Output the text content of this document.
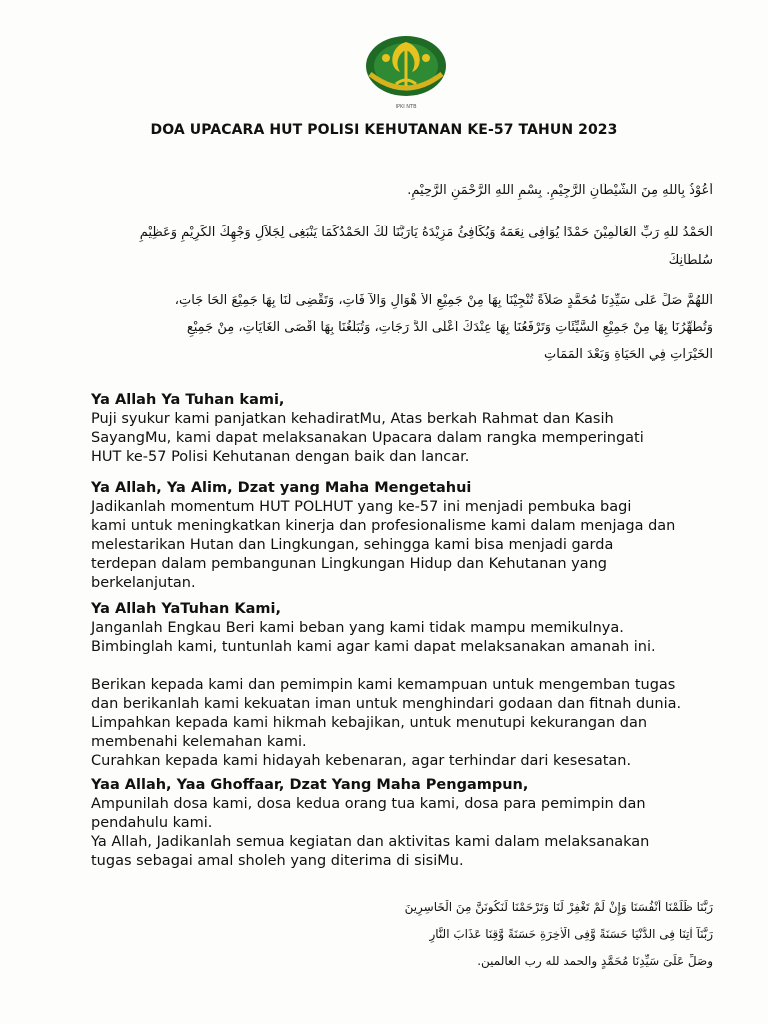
IPKI NTB
DOA UPACARA HUT POLISI KEHUTANAN KE-57 TAHUN 2023
أَعُوْذُ بِاللهِ مِنَ الشَّيْطَانِ الرَّجِيْمِ. بِسْمِ اللهِ الرَّحْمَنِ الرَّحِيْمِ.
اَلْحَمْدُ للهِ رَبِّ اْلعَالَمِيْنَ حَمْدًا يُوَافِى نِعَمَهُ وَيُكَافِئُ مَزِيْدَهُ يَارَبَّنَا لَكَ الْحَمْدُكَمَا يَنْبَغِى لِجَلاَلِ وَجْهِكَ الْكَرِيْمِ وَعَظِيْمِ
سُلْطَانِكَ
اَللَّهُمَّ صَلِّ عَلَى سَيِّدِنَا مُحَمَّدٍ صَلاَةً تُنْجِيْنَا بِهَا مِنْ جَمِيْعِ اْلأَ هْوَالِ وَاْلآ فَاتِ، وَتَقْضِى لَنَا بِهَا جَمِيْعَ الْحَا جَاتِ،
وَتُطَهِّرُنَا بِهَا مِنْ جَمِيْعِ السَّيِّئَاتِ وَتَرْفَعُنَا بِهَا عِنْدَكَ اَعْلَى الدَّ رَجَاتِ، وَتُبَلِّغُنَا بِهَا اَقْصَى الْغَايَاتِ، مِنْ جَمِيْعِ
الْخَيْرَاتِ فِي الْحَيَاةِ وَبَعْدَ الْمَمَاتِ
Ya Allah Ya Tuhan kami,

Puji syukur kami panjatkan kehadiratMu, Atas berkah Rahmat dan Kasih

SayangMu, kami dapat melaksanakan Upacara dalam rangka memperingati

HUT ke-57 Polisi Kehutanan dengan baik dan lancar.

Ya Allah, Ya Alim, Dzat yang Maha Mengetahui

Jadikanlah momentum HUT POLHUT yang ke-57 ini menjadi pembuka bagi

kami untuk meningkatkan kinerja dan profesionalisme kami dalam menjaga dan

melestarikan Hutan dan Lingkungan, sehingga kami bisa menjadi garda

terdepan dalam pembangunan Lingkungan Hidup dan Kehutanan yang

berkelanjutan.

Ya Allah YaTuhan Kami,

Janganlah Engkau Beri kami beban yang kami tidak mampu memikulnya.

Bimbinglah kami, tuntunlah kami agar kami dapat melaksanakan amanah ini.

Berikan kepada kami dan pemimpin kami kemampuan untuk mengemban tugas

dan berikanlah kami kekuatan iman untuk menghindari godaan dan fitnah dunia.

Limpahkan kepada kami hikmah kebajikan, untuk menutupi kekurangan dan

membenahi kelemahan kami.

Curahkan kepada kami hidayah kebenaran, agar terhindar dari kesesatan.

Yaa Allah, Yaa Ghoffaar, Dzat Yang Maha Pengampun,

Ampunilah dosa kami, dosa kedua orang tua kami, dosa para pemimpin dan

pendahulu kami.

Ya Allah, Jadikanlah semua kegiatan dan aktivitas kami dalam melaksanakan

tugas sebagai amal sholeh yang diterima di sisiMu.

رَبَّنَا ظَلَمْنَا أَنْفُسَنَا وَإِنْ لَمْ تَغْفِرْ لَنَا وَتَرْحَمْنَا لَنَكُونَنَّ مِنَ الْخَاسِرِينَ
رَبَّنَآ اٰتِنَا فِى الدُّنْيَا حَسَنَةً وَّفِى الْاٰخِرَةِ حَسَنَةً وَّقِنَا عَذَابَ النَّارِ
وصَلِّ عَلَىَ سَيِّدِنَا مُحَمَّدٍ والحمد لله رب العالمين.
